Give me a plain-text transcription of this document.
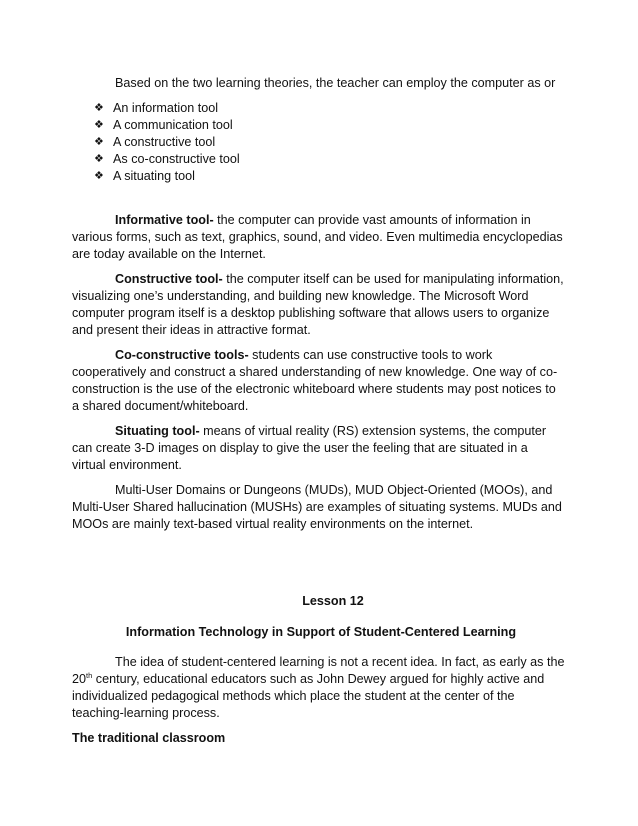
Based on the two learning theories, the teacher can employ the computer as or
❖ An information tool
❖ A communication tool
❖ A constructive tool
❖ As co-constructive tool
❖ A situating tool
Informative tool- the computer can provide vast amounts of information in
various forms, such as text, graphics, sound, and video. Even multimedia encyclopedias
are today available on the Internet.
Constructive tool- the computer itself can be used for manipulating information,
visualizing one’s understanding, and building new knowledge. The Microsoft Word
computer program itself is a desktop publishing software that allows users to organize
and present their ideas in attractive format.
Co-constructive tools- students can use constructive tools to work
cooperatively and construct a shared understanding of new knowledge. One way of co-
construction is the use of the electronic whiteboard where students may post notices to
a shared document/whiteboard.
Situating tool- means of virtual reality (RS) extension systems, the computer
can create 3-D images on display to give the user the feeling that are situated in a
virtual environment.
Multi-User Domains or Dungeons (MUDs), MUD Object-Oriented (MOOs), and
Multi-User Shared hallucination (MUSHs) are examples of situating systems. MUDs and
MOOs are mainly text-based virtual reality environments on the internet.
Lesson 12
Information Technology in Support of Student-Centered Learning
The idea of student-centered learning is not a recent idea. In fact, as early as the
20th century, educational educators such as John Dewey argued for highly active and
individualized pedagogical methods which place the student at the center of the
teaching-learning process.
The traditional classroom
